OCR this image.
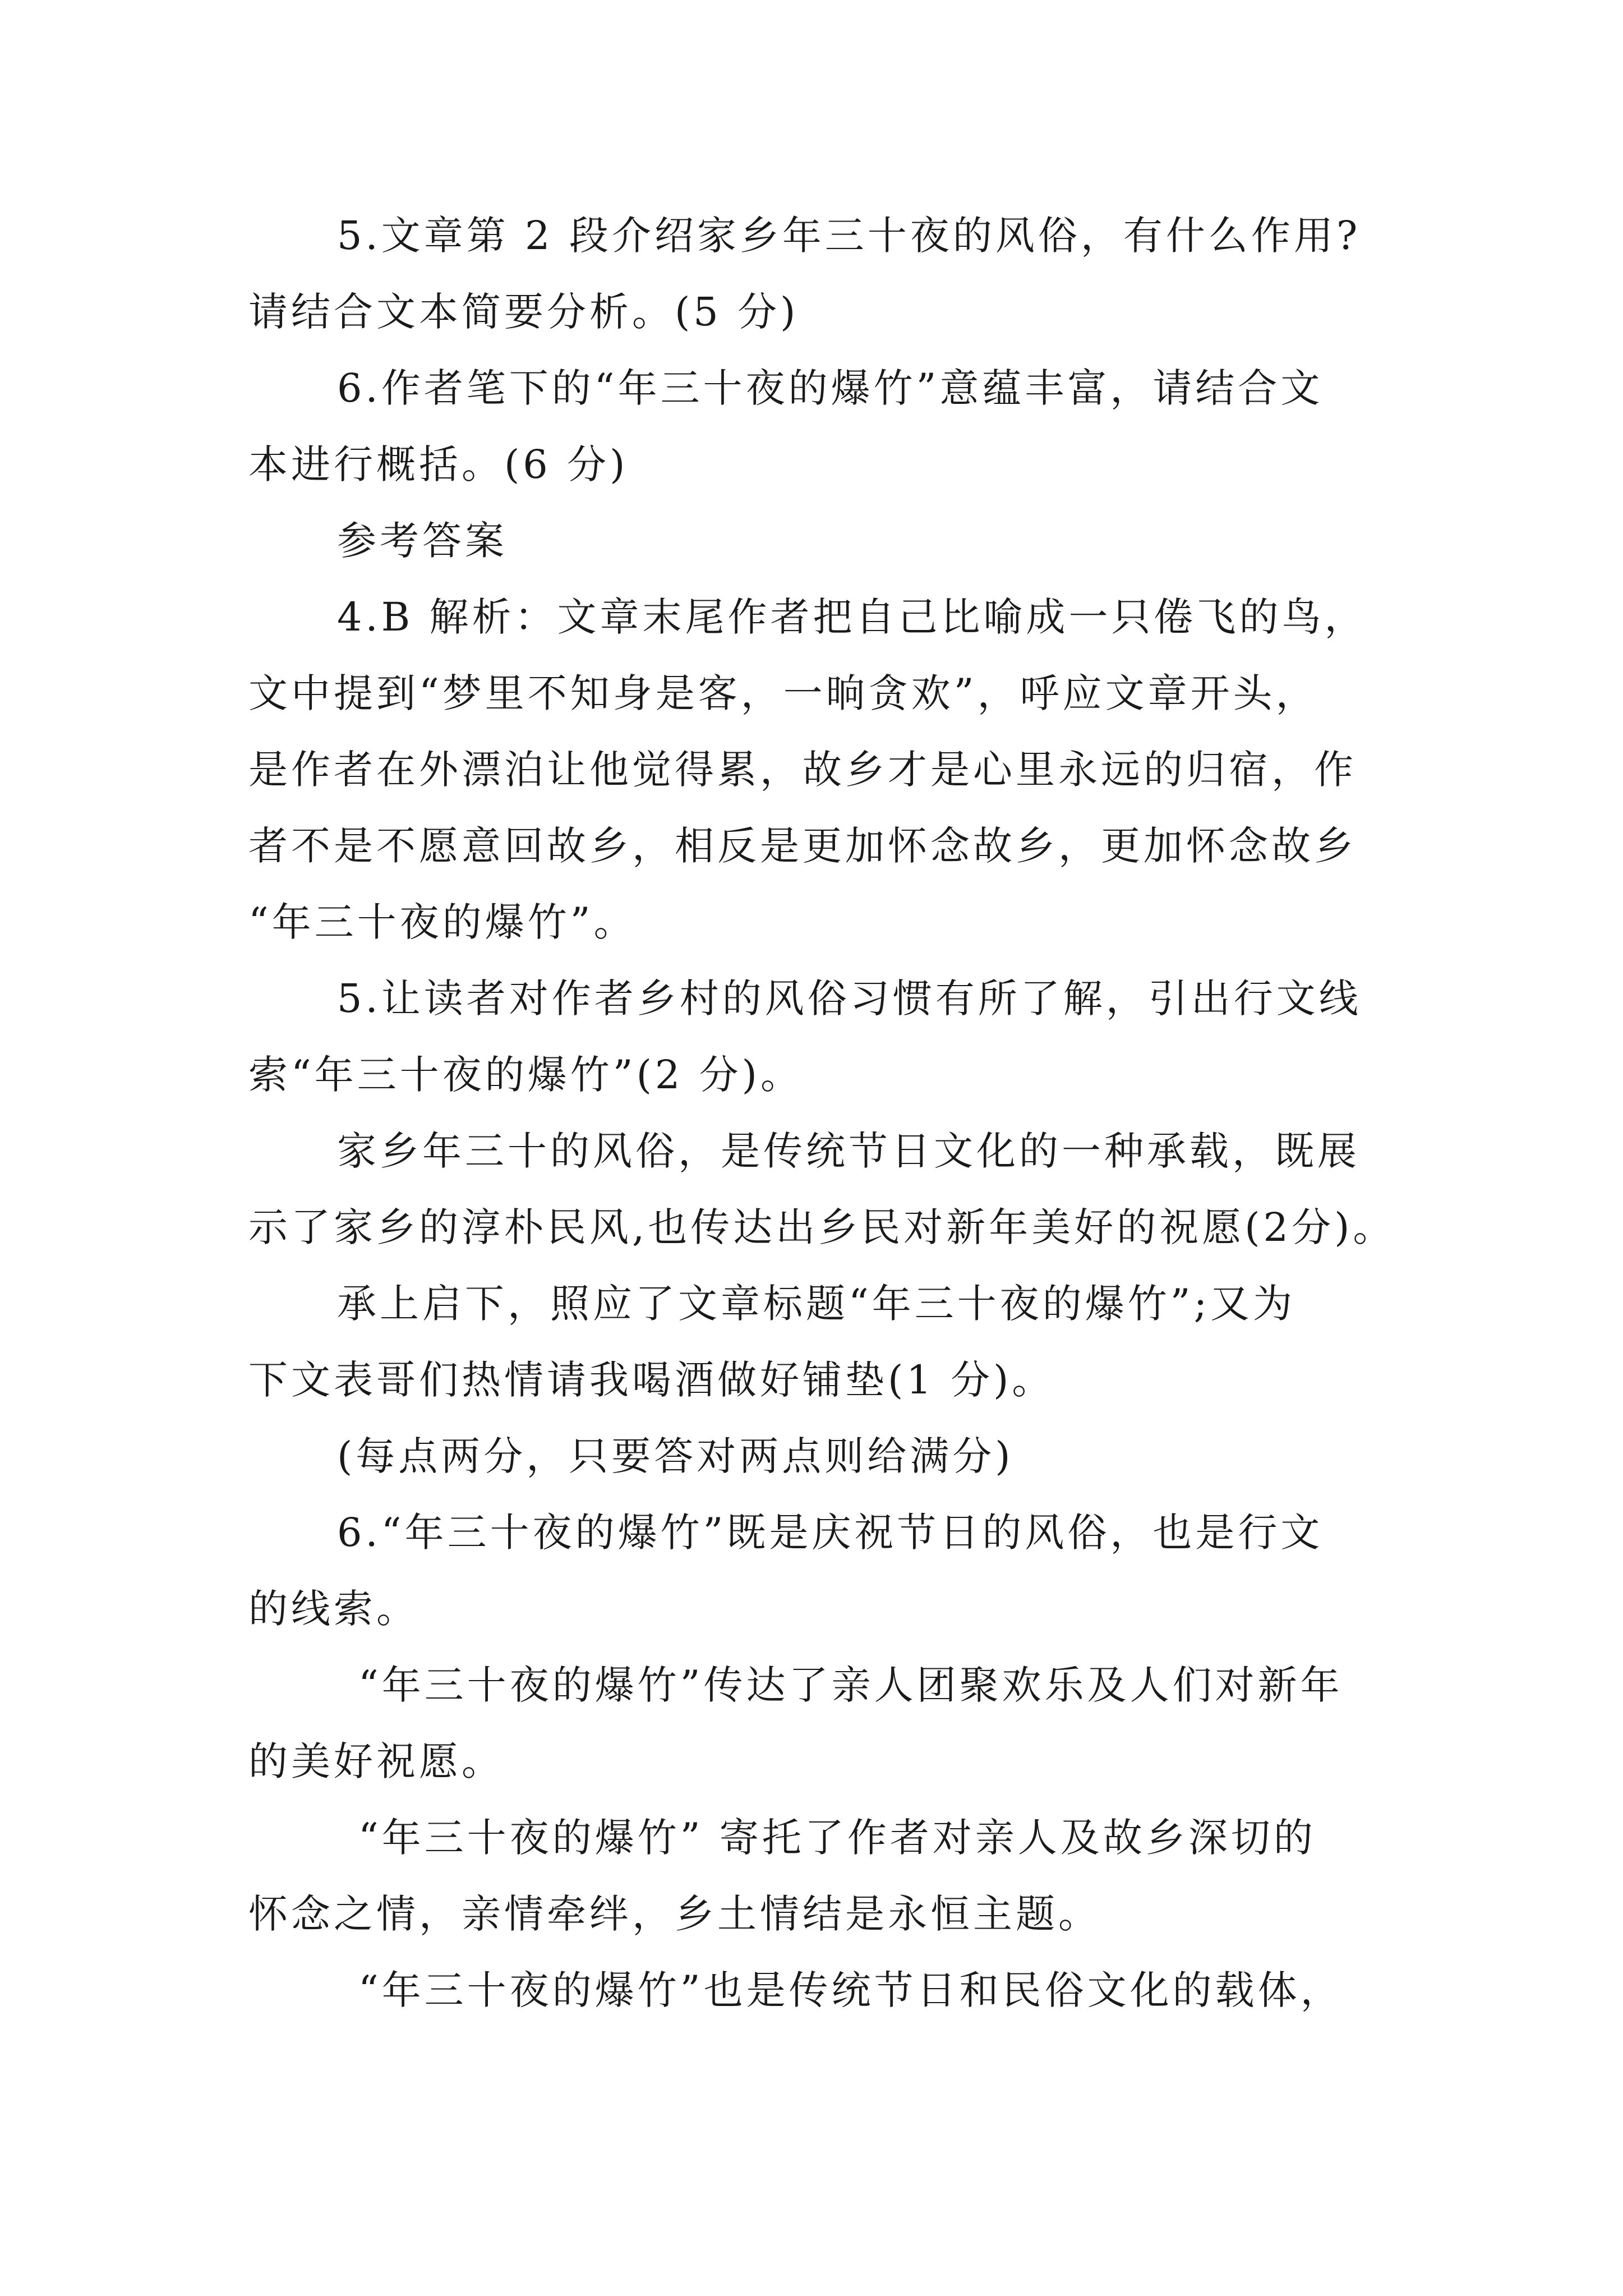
5.文章第 2 段介绍家乡年三十夜的风俗，有什么作用?
请结合文本简要分析。(5 分)
6.作者笔下的“年三十夜的爆竹”意蕴丰富，请结合文
本进行概括。(6 分)
参考答案
4.B 解析：文章末尾作者把自己比喻成一只倦飞的鸟，
文中提到“梦里不知身是客，一晌贪欢”，呼应文章开头，
是作者在外漂泊让他觉得累，故乡才是心里永远的归宿，作
者不是不愿意回故乡，相反是更加怀念故乡，更加怀念故乡
“年三十夜的爆竹”。
5.让读者对作者乡村的风俗习惯有所了解，引出行文线
索“年三十夜的爆竹”(2 分)。
家乡年三十的风俗，是传统节日文化的一种承载，既展
示了家乡的淳朴民风,也传达出乡民对新年美好的祝愿(2分)。
承上启下，照应了文章标题“年三十夜的爆竹”;又为
下文表哥们热情请我喝酒做好铺垫(1 分)。
(每点两分，只要答对两点则给满分)
6.“年三十夜的爆竹”既是庆祝节日的风俗，也是行文
的线索。
“年三十夜的爆竹”传达了亲人团聚欢乐及人们对新年
的美好祝愿。
“年三十夜的爆竹” 寄托了作者对亲人及故乡深切的
怀念之情，亲情牵绊，乡土情结是永恒主题。
“年三十夜的爆竹”也是传统节日和民俗文化的载体，
